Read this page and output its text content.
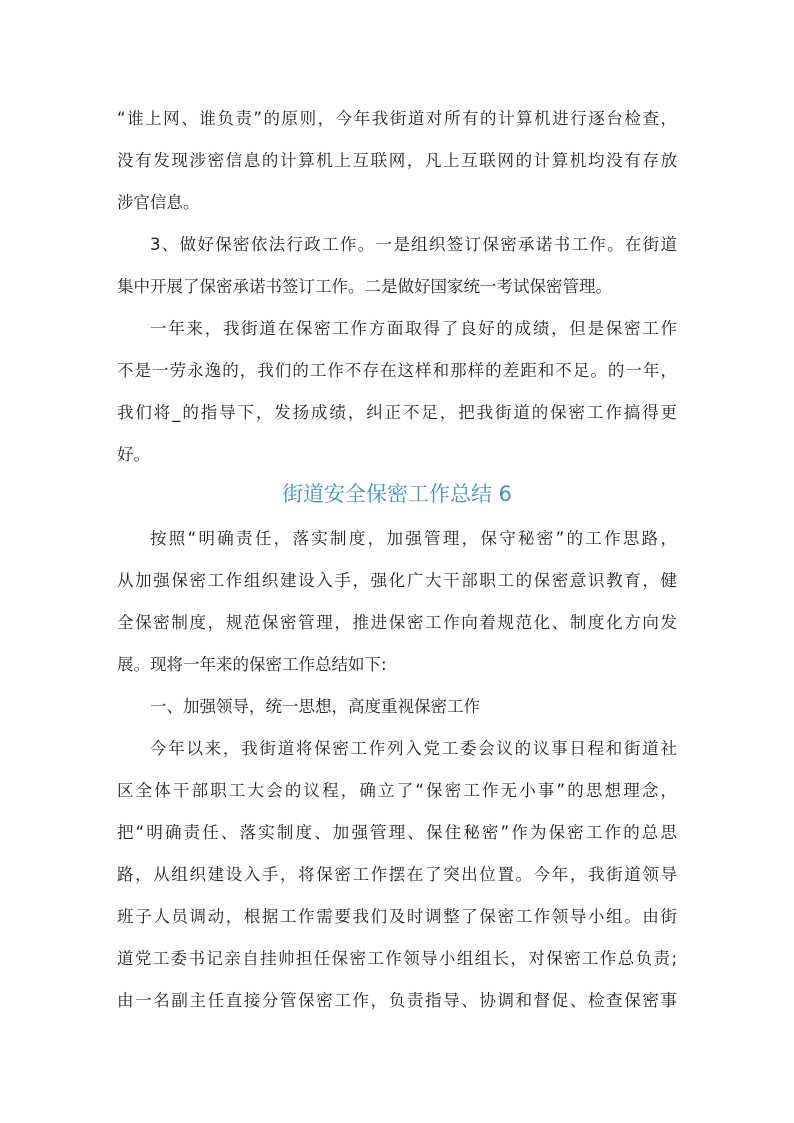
“谁上网、谁负责”的原则，今年我街道对所有的计算机进行逐台检查，
没有发现涉密信息的计算机上互联网，凡上互联网的计算机均没有存放
涉官信息。
3、做好保密依法行政工作。一是组织签订保密承诺书工作。在街道
集中开展了保密承诺书签订工作。二是做好国家统一考试保密管理。
一年来，我街道在保密工作方面取得了良好的成绩，但是保密工作
不是一劳永逸的，我们的工作不存在这样和那样的差距和不足。的一年，
我们将_的指导下，发扬成绩，纠正不足，把我街道的保密工作搞得更
好。
街道安全保密工作总结 6
按照“明确责任，落实制度，加强管理，保守秘密”的工作思路，
从加强保密工作组织建设入手，强化广大干部职工的保密意识教育，健
全保密制度，规范保密管理，推进保密工作向着规范化、制度化方向发
展。现将一年来的保密工作总结如下:
一、加强领导，统一思想，高度重视保密工作
今年以来，我街道将保密工作列入党工委会议的议事日程和街道社
区全体干部职工大会的议程，确立了“保密工作无小事”的思想理念，
把“明确责任、落实制度、加强管理、保住秘密”作为保密工作的总思
路，从组织建设入手，将保密工作摆在了突出位置。今年，我街道领导
班子人员调动，根据工作需要我们及时调整了保密工作领导小组。由街
道党工委书记亲自挂帅担任保密工作领导小组组长，对保密工作总负责;
由一名副主任直接分管保密工作，负责指导、协调和督促、检查保密事
